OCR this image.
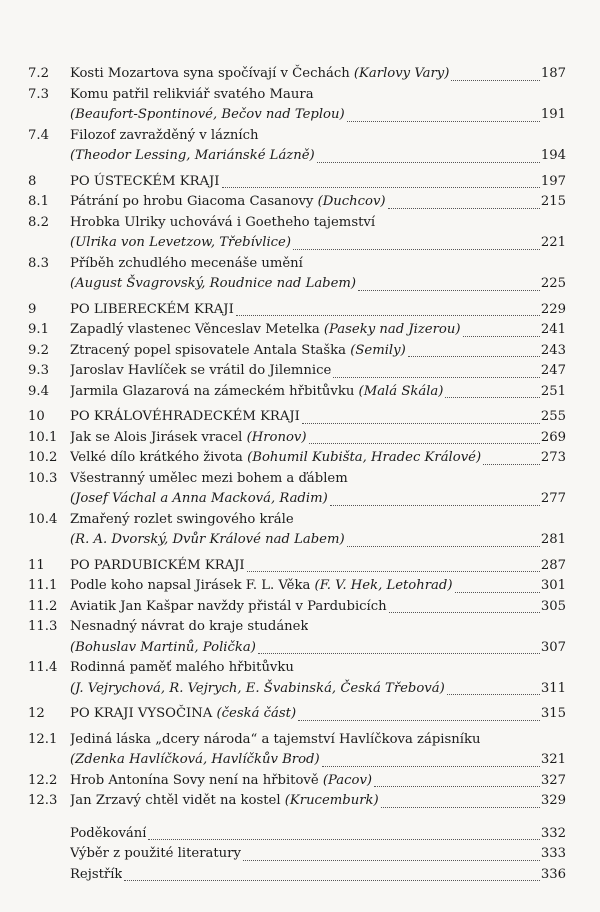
7.2 Kosti Mozartova syna spočívají v Čechách (Karlovy Vary)	187
7.3 Komu patřil relikviář svatého Maura
(Beaufort-Spontinové, Bečov nad Teplou)	191
7.4 Filozof zavražděný v lázních
(Theodor Lessing, Mariánské Lázně)	194
8	PO ÚSTECKÉM KRAJI	197
8.1 Pátrání po hrobu Giacoma Casanovy (Duchcov)	215
8.2 Hrobka Ulriky uchovává i Goetheho tajemství
(Ulrika von Levetzow, Třebívlice)	221
8.3 Příběh zchudlého mecenáše umění
(August Švagrovský, Roudnice nad Labem)	225
9	PO LIBERECKÉM KRAJI	229
9.1 Zapadlý vlastenec Věnceslav Metelka (Paseky nad Jizerou)	241
9.2 Ztracený popel spisovatele Antala Staška (Semily)	243
9.3 Jaroslav Havlíček se vrátil do Jilemnice	247
9.4 Jarmila Glazarová na zámeckém hřbitůvku (Malá Skála)	251
10 PO KRÁLOVÉHRADECKÉM KRAJI	255
10.1 Jak se Alois Jirásek vracel (Hronov)	269
10.2 Velké dílo krátkého života (Bohumil Kubišta, Hradec Králové)	273
10.3 Všestranný umělec mezi bohem a ďáblem
(Josef Váchal a Anna Macková, Radim)	277
10.4 Zmařený rozlet swingového krále
(R. A. Dvorský, Dvůr Králové nad Labem)	281
11 PO PARDUBICKÉM KRAJI	287
11.1 Podle koho napsal Jirásek F. L. Věka (F. V. Hek, Letohrad)	301
11.2 Aviatik Jan Kašpar navždy přistál v Pardubicích	305
11.3 Nesnadný návrat do kraje studánek
(Bohuslav Martinů, Polička)	307
11.4 Rodinná paměť malého hřbitůvku
(J. Vejrychová, R. Vejrych, E. Švabinská, Česká Třebová)	311
12 PO KRAJI VYSOČINA (česká část)	315
12.1 Jediná láska „dcery národa“ a tajemství Havlíčkova zápisníku
(Zdenka Havlíčková, Havlíčkův Brod)	321
12.2 Hrob Antonína Sovy není na hřbitově (Pacov)	327
12.3 Jan Zrzavý chtěl vidět na kostel (Krucemburk)	329
Poděkování	332
Výběr z použité literatury	333
Rejstřík	336
